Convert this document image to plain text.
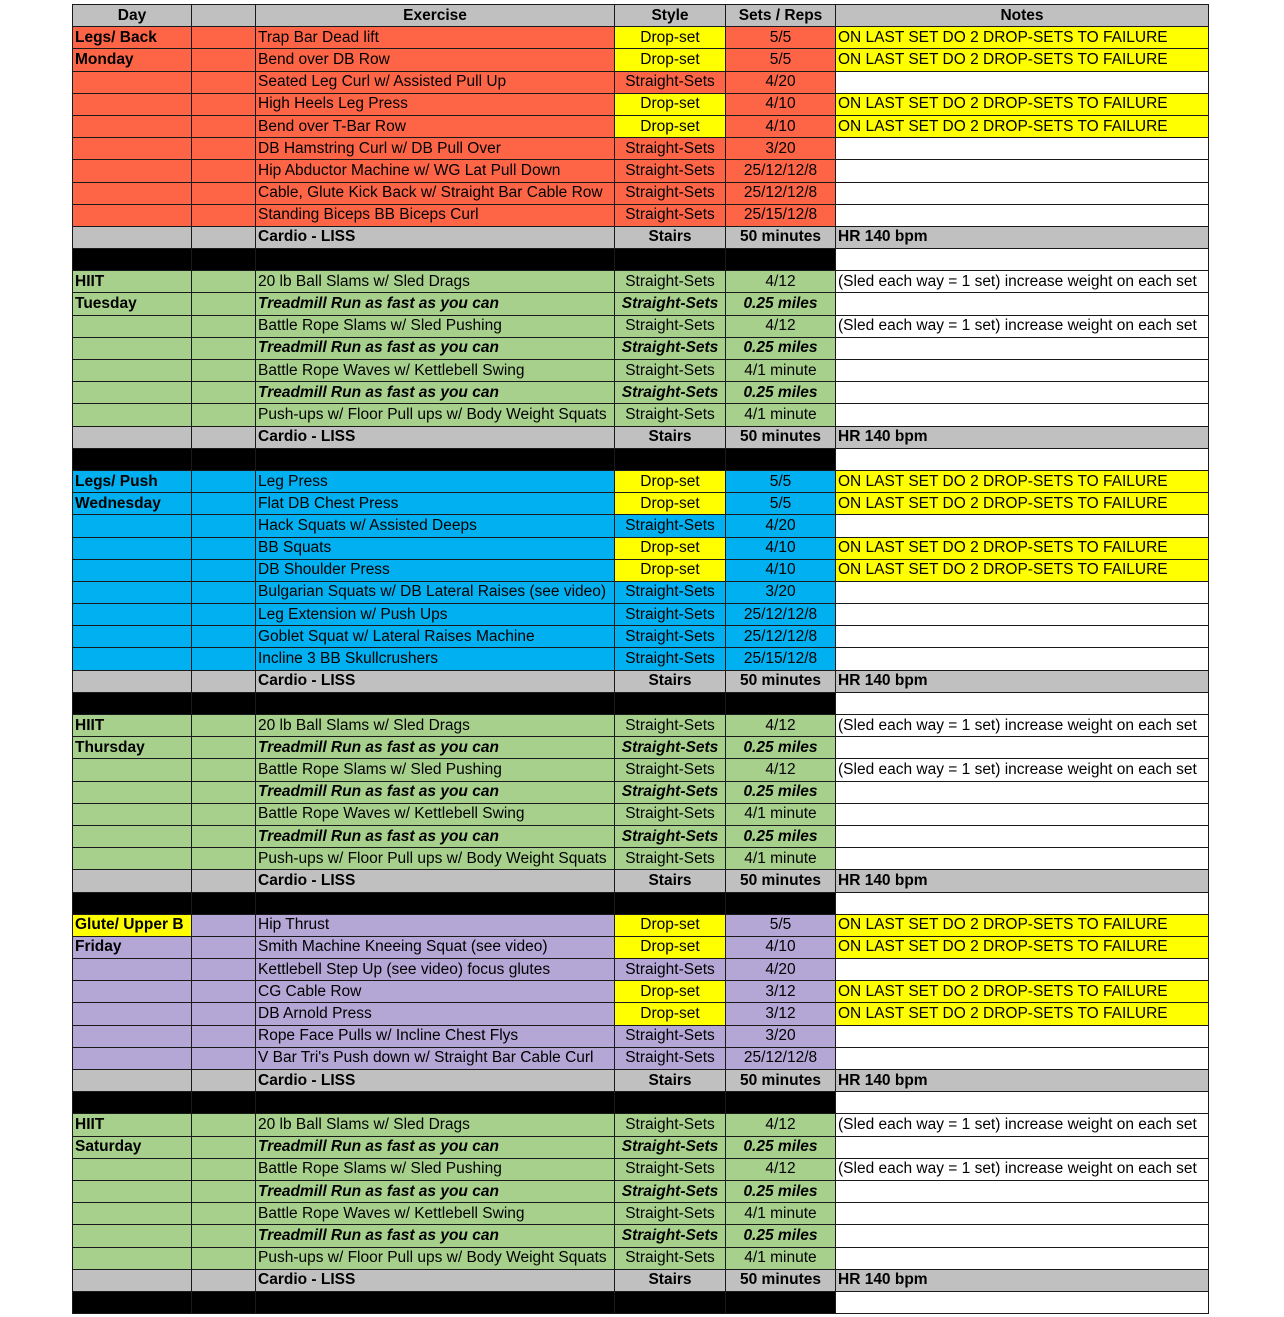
Day		Exercise	Style	Sets / Reps	Notes
Legs/ Back		Trap Bar Dead lift	Drop-set	5/5	ON LAST SET DO 2 DROP-SETS TO FAILURE
Monday		Bend over DB Row	Drop-set	5/5	ON LAST SET DO 2 DROP-SETS TO FAILURE
		Seated Leg Curl w/ Assisted Pull Up	Straight-Sets	4/20	
		High Heels Leg Press	Drop-set	4/10	ON LAST SET DO 2 DROP-SETS TO FAILURE
		Bend over T-Bar Row	Drop-set	4/10	ON LAST SET DO 2 DROP-SETS TO FAILURE
		DB Hamstring Curl w/ DB Pull Over	Straight-Sets	3/20	
		Hip Abductor Machine w/ WG Lat Pull Down	Straight-Sets	25/12/12/8	
		Cable, Glute Kick Back w/ Straight Bar Cable Row	Straight-Sets	25/12/12/8	
		Standing Biceps BB Biceps Curl	Straight-Sets	25/15/12/8	
		Cardio - LISS	Stairs	50 minutes	HR 140 bpm

HIIT		20 lb Ball Slams w/ Sled Drags	Straight-Sets	4/12	(Sled each way = 1 set) increase weight on each set
Tuesday		Treadmill Run as fast as you can	Straight-Sets	0.25 miles	
		Battle Rope Slams w/ Sled Pushing	Straight-Sets	4/12	(Sled each way = 1 set) increase weight on each set
		Treadmill Run as fast as you can	Straight-Sets	0.25 miles	
		Battle Rope Waves w/ Kettlebell Swing	Straight-Sets	4/1 minute	
		Treadmill Run as fast as you can	Straight-Sets	0.25 miles	
		Push-ups w/ Floor Pull ups w/ Body Weight Squats	Straight-Sets	4/1 minute	
		Cardio - LISS	Stairs	50 minutes	HR 140 bpm

Legs/ Push		Leg Press	Drop-set	5/5	ON LAST SET DO 2 DROP-SETS TO FAILURE
Wednesday		Flat DB Chest Press	Drop-set	5/5	ON LAST SET DO 2 DROP-SETS TO FAILURE
		Hack Squats w/ Assisted Deeps	Straight-Sets	4/20	
		BB Squats	Drop-set	4/10	ON LAST SET DO 2 DROP-SETS TO FAILURE
		DB Shoulder Press	Drop-set	4/10	ON LAST SET DO 2 DROP-SETS TO FAILURE
		Bulgarian Squats w/ DB Lateral Raises (see video)	Straight-Sets	3/20	
		Leg Extension w/ Push Ups	Straight-Sets	25/12/12/8	
		Goblet Squat w/ Lateral Raises Machine	Straight-Sets	25/12/12/8	
		Incline 3 BB Skullcrushers	Straight-Sets	25/15/12/8	
		Cardio - LISS	Stairs	50 minutes	HR 140 bpm

HIIT		20 lb Ball Slams w/ Sled Drags	Straight-Sets	4/12	(Sled each way = 1 set) increase weight on each set
Thursday		Treadmill Run as fast as you can	Straight-Sets	0.25 miles	
		Battle Rope Slams w/ Sled Pushing	Straight-Sets	4/12	(Sled each way = 1 set) increase weight on each set
		Treadmill Run as fast as you can	Straight-Sets	0.25 miles	
		Battle Rope Waves w/ Kettlebell Swing	Straight-Sets	4/1 minute	
		Treadmill Run as fast as you can	Straight-Sets	0.25 miles	
		Push-ups w/ Floor Pull ups w/ Body Weight Squats	Straight-Sets	4/1 minute	
		Cardio - LISS	Stairs	50 minutes	HR 140 bpm

Glute/ Upper B		Hip Thrust	Drop-set	5/5	ON LAST SET DO 2 DROP-SETS TO FAILURE
Friday		Smith Machine Kneeing Squat (see video)	Drop-set	4/10	ON LAST SET DO 2 DROP-SETS TO FAILURE
		Kettlebell Step Up (see video) focus glutes	Straight-Sets	4/20	
		CG Cable Row	Drop-set	3/12	ON LAST SET DO 2 DROP-SETS TO FAILURE
		DB Arnold Press	Drop-set	3/12	ON LAST SET DO 2 DROP-SETS TO FAILURE
		Rope Face Pulls w/ Incline Chest Flys	Straight-Sets	3/20	
		V Bar Tri's Push down w/ Straight Bar Cable Curl	Straight-Sets	25/12/12/8	
		Cardio - LISS	Stairs	50 minutes	HR 140 bpm

HIIT		20 lb Ball Slams w/ Sled Drags	Straight-Sets	4/12	(Sled each way = 1 set) increase weight on each set
Saturday		Treadmill Run as fast as you can	Straight-Sets	0.25 miles	
		Battle Rope Slams w/ Sled Pushing	Straight-Sets	4/12	(Sled each way = 1 set) increase weight on each set
		Treadmill Run as fast as you can	Straight-Sets	0.25 miles	
		Battle Rope Waves w/ Kettlebell Swing	Straight-Sets	4/1 minute	
		Treadmill Run as fast as you can	Straight-Sets	0.25 miles	
		Push-ups w/ Floor Pull ups w/ Body Weight Squats	Straight-Sets	4/1 minute	
		Cardio - LISS	Stairs	50 minutes	HR 140 bpm
